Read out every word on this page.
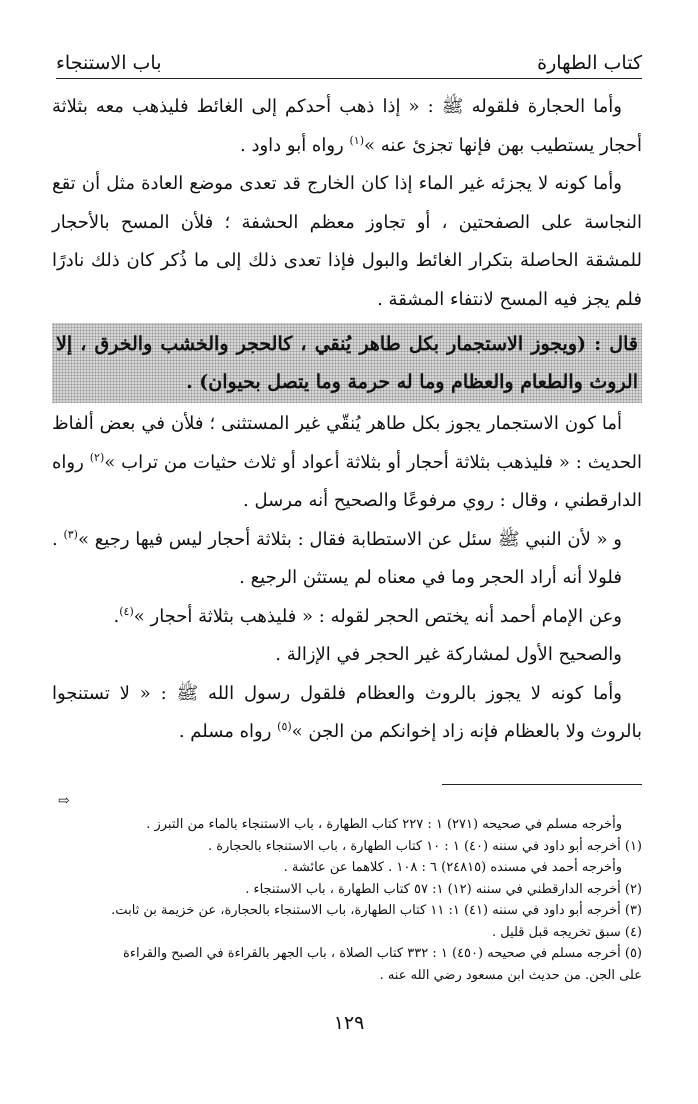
كتاب الطهارة
باب الاستنجاء

وأما الحجارة فلقوله ﷺ : « إذا ذهب أحدكم إلى الغائط فليذهب معه بثلاثة أحجار يستطيب بهن فإنها تجزئ عنه »$^{(١)}$ رواه أبو داود .

وأما كونه لا يجزئه غير الماء إذا كان الخارج قد تعدى موضع العادة مثل أن تقع النجاسة على الصفحتين ، أو تجاوز معظم الحشفة ؛ فلأن المسح بالأحجار للمشقة الحاصلة بتكرار الغائط والبول فإذا تعدى ذلك إلى ما ذُكر كان ذلك نادرًا فلم يجز فيه المسح لانتفاء المشقة .

قال : (ويجوز الاستجمار بكل طاهر يُنقي ، كالحجر والخشب والخرق ، إلا الروث والطعام والعظام وما له حرمة وما يتصل بحيوان) .

أما كون الاستجمار يجوز بكل طاهر يُنقّي غير المستثنى ؛ فلأن في بعض ألفاظ الحديث : « فليذهب بثلاثة أحجار أو بثلاثة أعواد أو ثلاث حثيات من تراب »$^{(٢)}$ رواه الدارقطني ، وقال : روي مرفوعًا والصحيح أنه مرسل .

و « لأن النبي ﷺ سئل عن الاستطابة فقال : بثلاثة أحجار ليس فيها رجيع »$^{(٣)}$ .

فلولا أنه أراد الحجر وما في معناه لم يستثن الرجيع .

وعن الإمام أحمد أنه يختص الحجر لقوله : « فليذهب بثلاثة أحجار »$^{(٤)}$.

والصحيح الأول لمشاركة غير الحجر في الإزالة .

وأما كونه لا يجوز بالروث والعظام فلقول رسول الله ﷺ : « لا تستنجوا بالروث ولا بالعظام فإنه زاد إخوانكم من الجن »$^{(٥)}$ رواه مسلم .

⇨

وأخرجه مسلم في صحيحه (٢٧١) ١ : ٢٢٧ كتاب الطهارة ، باب الاستنجاء بالماء من التبرز .

(١) أخرجه أبو داود في سننه (٤٠) ١ : ١٠ كتاب الطهارة ، باب الاستنجاء بالحجارة .

وأخرجه أحمد في مسنده (٢٤٨١٥) ٦ : ١٠٨ . كلاهما عن عائشة .

(٢) أخرجه الدارقطني في سننه (١٢) ١: ٥٧ كتاب الطهارة ، باب الاستنجاء .

(٣) أخرجه أبو داود في سننه (٤١) ١: ١١ كتاب الطهارة، باب الاستنجاء بالحجارة، عن خزيمة بن ثابت.

(٤) سبق تخريجه قبل قليل .

(٥) أخرجه مسلم في صحيحه (٤٥٠) ١ : ٣٣٢ كتاب الصلاة ، باب الجهر بالقراءة في الصبح والقراءة

على الجن. من حديث ابن مسعود رضي الله عنه .

١٢٩
